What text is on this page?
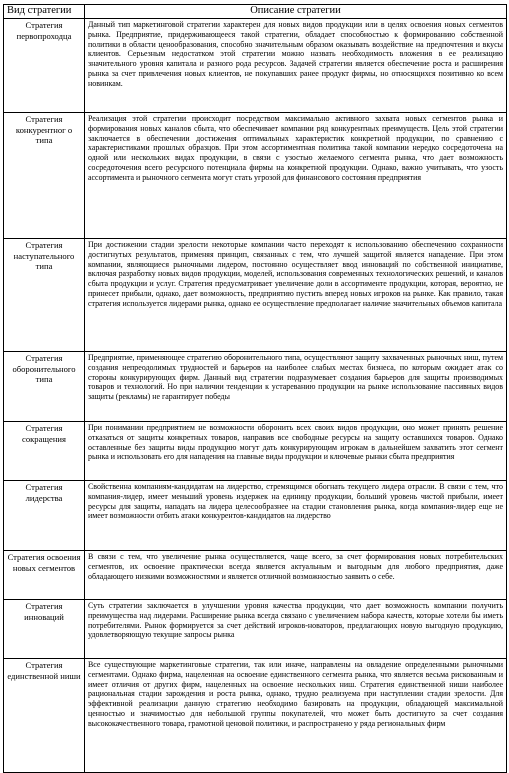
Вид стратегии	Описание стратегии
Стратегия первопроходца	Данный тип маркетинговой стратегии характерен для новых видов продукции или в целях освоения новых сегментов рынка. Предприятие, придерживающееся такой стратегии, обладает способностью к формированию собственной политики в области ценообразования, способно значительным образом оказывать воздействие на предпочтения и вкусы клиентов. Серьезным недостатком этой стратегии можно назвать необходимость вложения в ее реализацию значительного уровня капитала и разного рода ресурсов. Задачей стратегии является обеспечение роста и расширения рынка за счет привлечения новых клиентов, не покупавших ранее продукт фирмы, но относящихся позитивно ко всем новинкам.
Стратегия конкурентног о типа	Реализация этой стратегии происходит посредством максимально активного захвата новых сегментов рынка и формирования новых каналов сбыта, что обеспечивает компании ряд конкурентных преимуществ. Цель этой стратегии заключается в обеспечении достижения оптимальных характеристик конкретной продукции, по сравнению с характеристиками прошлых образцов. При этом ассортиментная политика такой компании нередко сосредоточена на одной или нескольких видах продукции, в связи с узостью желаемого сегмента рынка, что дает возможность сосредоточения всего ресурсного потенциала фирмы на конкретной продукции. Однако, важно учитывать, что узость ассортимента и рыночного сегмента могут стать угрозой для финансового состояния предприятия
Стратегия наступательного типа	При достижении стадии зрелости некоторые компании часто переходят к использованию обеспечению сохранности достигнутых результатов, применяя принцип, связанных с тем, что лучшей защитой является нападение. При этом компании, являющиеся рыночными лидером, постоянно осуществляет ввод инноваций по собственной инициативе, включая разработку новых видов продукции, моделей, использования современных технологических решений, и каналов сбыта продукции и услуг. Стратегия предусматривает увеличение доли в ассортименте продукции, которая, вероятно, не принесет прибыли, однако, дает возможность, предприятию пустить вперед новых игроков на рынке. Как правило, такая стратегия используется лидерами рынка, однако ее осуществление предполагает наличие значительных объемов капитала
Стратегия оборонительного типа	Предприятие, применяющее стратегию оборонительного типа, осуществляют защиту захваченных рыночных ниш, путем создания непреодолимых трудностей и барьеров на наиболее слабых местах бизнеса, по которым ожидает атак со стороны конкурирующих фирм. Данный вид стратегии подразумевает создания барьеров для защиты производимых товаров и технологий. Но при наличии тенденции к устареванию продукции на рынке использование пассивных видов защиты (рекламы) не гарантирует победы
Стратегия сокращения	При понимании предприятием не возможности оборонить всех своих видов продукции, оно может принять решение отказаться от защиты конкретных товаров, направив все свободные ресурсы на защиту оставшихся товаров. Однако оставленные без защиты виды продукцию могут дать конкурирующим игрокам в дальнейшем захватить этот сегмент рынка и использовать его для нападения на главные виды продукции и ключевые рынки сбыта предприятия
Стратегия лидерства	Свойственна компаниям-кандидатам на лидерство, стремящимся обогнать текущего лидера отрасли. В связи с тем, что компания-лидер, имеет меньший уровень издержек на единицу продукции, больший уровень чистой прибыли, имеет ресурсы для защиты, нападать на лидера целесообразнее на стадии становления рынка, когда компания-лидер еще не имеет возможности отбить атаки конкурентов-кандидатов на лидерство
Стратегия освоения новых сегментов	В связи с тем, что увеличение рынка осуществляется, чаще всего, за счет формирования новых потребительских сегментов, их освоение практически всегда является актуальным и выгодным для любого предприятия, даже обладающего низкими возможностями и является отличной возможностью заявить о себе.
Стратегия инноваций	Суть стратегии заключается в улучшении уровня качества продукции, что дает возможность компании получить преимущества над лидерами. Расширение рынка всегда связано с увеличением набора качеств, которые хотели бы иметь потребителями. Рынок формируется за счет действий игроков-новаторов, предлагающих новую выгодную продукцию, удовлетворяющую текущие запросы рынка
Стратегия единственной ниши	Все существующие маркетинговые стратегии, так или иначе, направлены на овладение определенными рыночными сегментами. Однако фирма, нацеленная на освоение единственного сегмента рынка, что является весьма рискованным и имеет отличия от других фирм, нацеленных на освоение нескольких ниш. Стратегия единственной ниши наиболее рациональная стадии зарождения и роста рынка, однако, трудно реализуема при наступлении стадии зрелости. Для эффективной реализации данную стратегию необходимо базировать на продукции, обладающей максимальной ценностью и значимостью для небольшой группы покупателей, что может быть достигнуто за счет создания высококачественного товара, грамотной ценовой политики, и распространено у ряда региональных фирм
